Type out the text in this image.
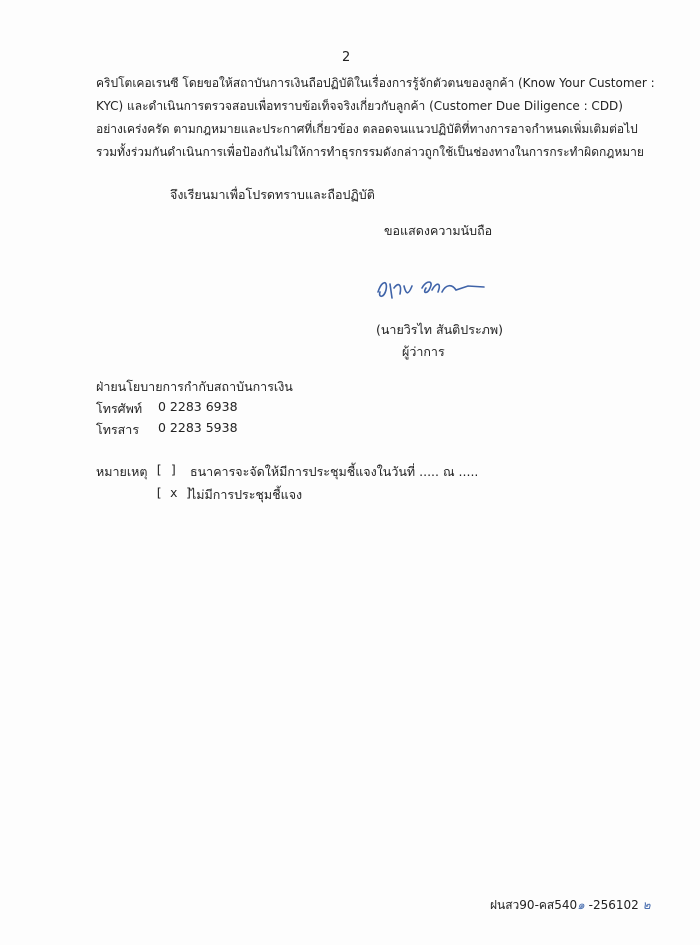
2
คริปโตเคอเรนซี โดยขอให้สถาบันการเงินถือปฏิบัติในเรื่องการรู้จักตัวตนของลูกค้า (Know Your Customer :
KYC) และดำเนินการตรวจสอบเพื่อทราบข้อเท็จจริงเกี่ยวกับลูกค้า (Customer Due Diligence : CDD)
อย่างเคร่งครัด ตามกฎหมายและประกาศที่เกี่ยวข้อง ตลอดจนแนวปฏิบัติที่ทางการอาจกำหนดเพิ่มเติมต่อไป
รวมทั้งร่วมกันดำเนินการเพื่อป้องกันไม่ให้การทำธุรกรรมดังกล่าวถูกใช้เป็นช่องทางในการกระทำผิดกฎหมาย
จึงเรียนมาเพื่อโปรดทราบและถือปฏิบัติ
ขอแสดงความนับถือ
(นายวิรไท สันติประภพ)
ผู้ว่าการ
ฝ่ายนโยบายการกำกับสถาบันการเงิน
โทรศัพท์ 0 2283 6938
โทรสาร 0 2283 5938
หมายเหตุ [ ] ธนาคารจะจัดให้มีการประชุมชี้แจงในวันที่ ..... ณ .....
[ x ]
ไม่มีการประชุมชี้แจง
ฝนสว90-คส540๑ -256102 ๒
